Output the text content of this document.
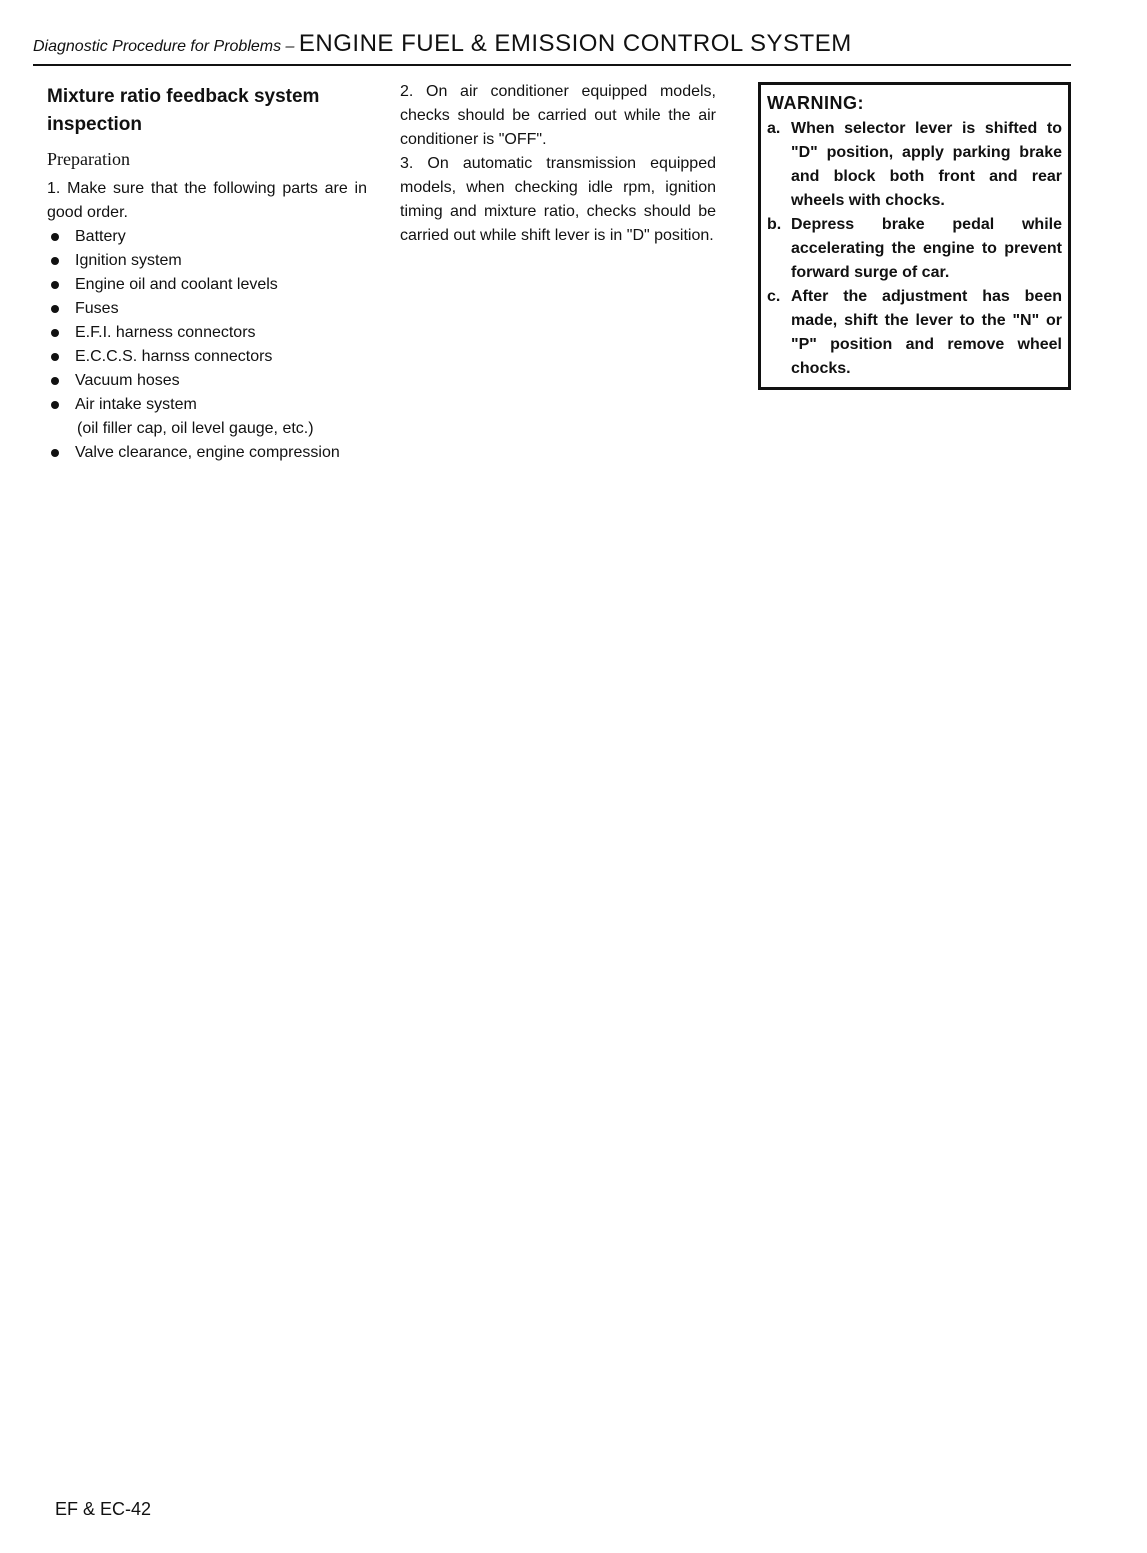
Diagnostic Procedure for Problems – ENGINE FUEL & EMISSION CONTROL SYSTEM
Mixture ratio feedback system inspection
Preparation

1. Make sure that the following parts are in good order.

Battery
Ignition system
Engine oil and coolant levels
Fuses
E.F.I. harness connectors
E.C.C.S. harnss connectors
Vacuum hoses
Air intake system
(oil filler cap, oil level gauge, etc.)
Valve clearance, engine compression

2. On air conditioner equipped models, checks should be carried out while the air conditioner is "OFF".

3. On automatic transmission equipped models, when checking idle rpm, ignition timing and mixture ratio, checks should be carried out while shift lever is in "D" position.

WARNING:
a. When selector lever is shifted to "D" position, apply parking brake and block both front and rear wheels with chocks.
b. Depress brake pedal while accelerating the engine to prevent forward surge of car.
c. After the adjustment has been made, shift the lever to the "N" or "P" position and remove wheel chocks.
EF & EC-42
